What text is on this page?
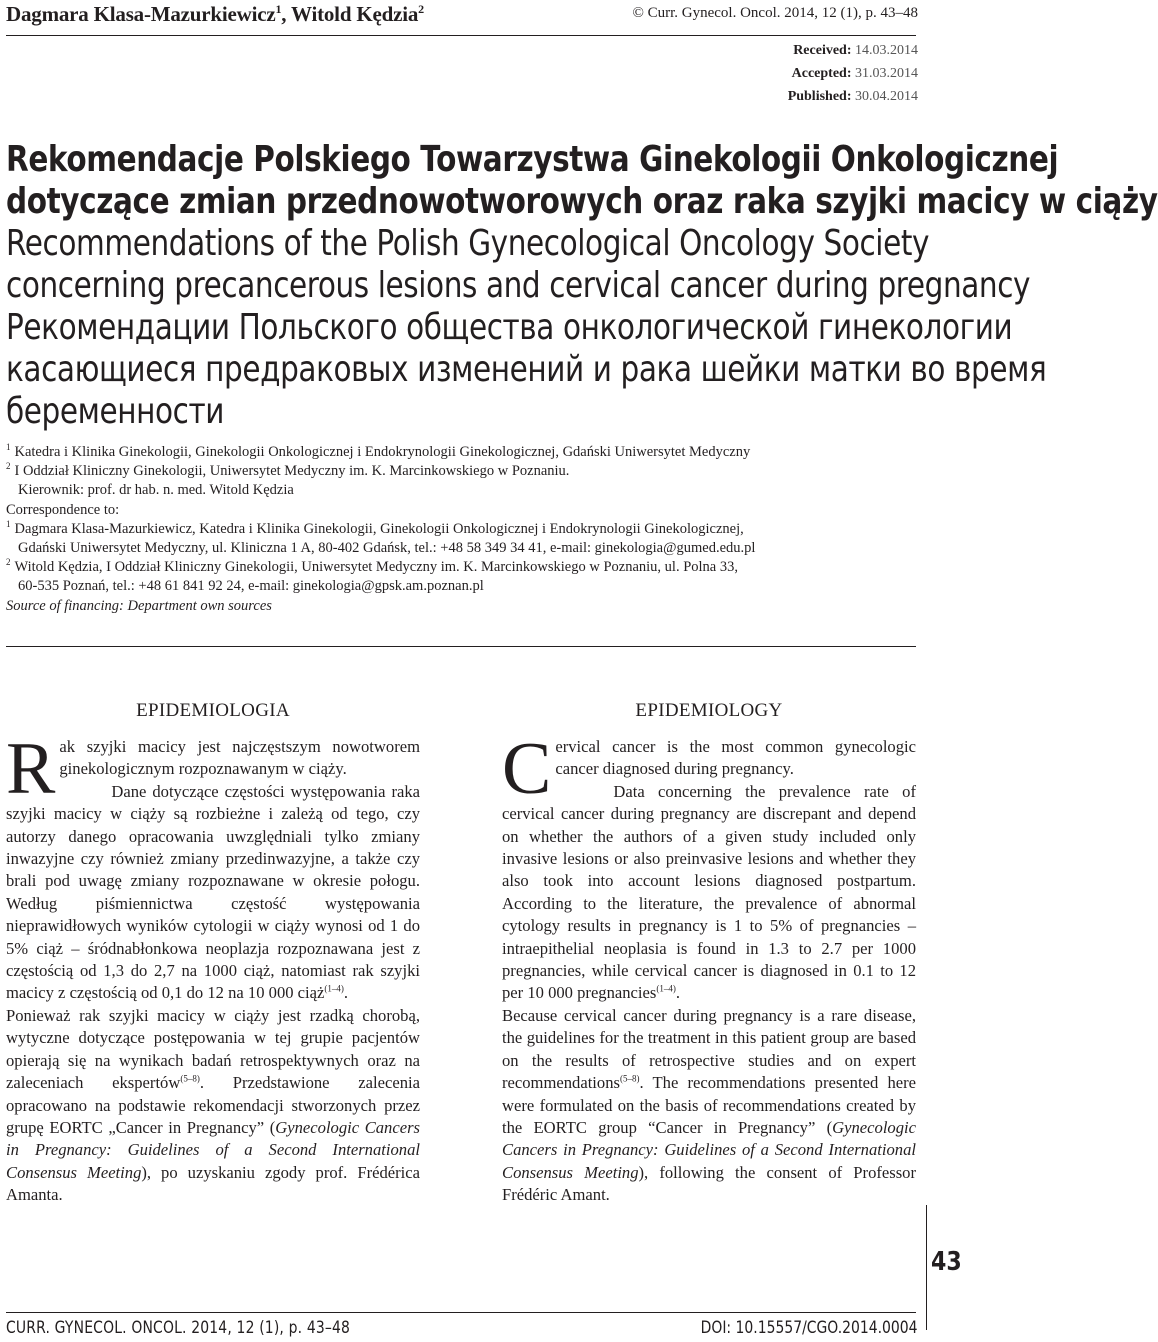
Dagmara Klasa-Mazurkiewicz$^1$, Witold Kędzia$^2$	© Curr. Gynecol. Oncol. 2014, 12 (1), p. 43–48
Received: 14.03.2014
Accepted: 31.03.2014
Published: 30.04.2014
Rekomendacje Polskiego Towarzystwa Ginekologii Onkologicznej
dotyczące zmian przednowotworowych oraz raka szyjki macicy w ciąży
Recommendations of the Polish Gynecological Oncology Society
concerning precancerous lesions and cervical cancer during pregnancy
Рекомендации Польского общества онкологической гинекологии
касающиеся предраковых изменений и рака шейки матки во время
беременности
$^1$ Katedra i Klinika Ginekologii, Ginekologii Onkologicznej i Endokrynologii Ginekologicznej, Gdański Uniwersytet Medyczny
$^2$ I Oddział Kliniczny Ginekologii, Uniwersytet Medyczny im. K. Marcinkowskiego w Poznaniu.
Kierownik: prof. dr hab. n. med. Witold Kędzia
Correspondence to:
$^1$ Dagmara Klasa-Mazurkiewicz, Katedra i Klinika Ginekologii, Ginekologii Onkologicznej i Endokrynologii Ginekologicznej,
Gdański Uniwersytet Medyczny, ul. Kliniczna 1 A, 80-402 Gdańsk, tel.: +48 58 349 34 41, e-mail: ginekologia@gumed.edu.pl
$^2$ Witold Kędzia, I Oddział Kliniczny Ginekologii, Uniwersytet Medyczny im. K. Marcinkowskiego w Poznaniu, ul. Polna 33,
60-535 Poznań, tel.: +48 61 841 92 24, e-mail: ginekologia@gpsk.am.poznan.pl
Source of financing: Department own sources
EPIDEMIOLOGIA

Rak szyjki macicy jest najczęstszym nowotworem ginekologicznym rozpoznawanym w ciąży.

Dane dotyczące częstości występowania raka szyjki macicy w ciąży są rozbieżne i zależą od tego, czy autorzy danego opracowania uwzględniali tylko zmiany inwazyjne czy również zmiany przedinwazyjne, a także czy brali pod uwagę zmiany rozpoznawane w okresie połogu. Według piśmiennictwa częstość występowania nieprawidłowych wyników cytologii w ciąży wynosi od 1 do 5% ciąż – śródnabłonkowa neoplazja rozpoznawana jest z częstością od 1,3 do 2,7 na 1000 ciąż, natomiast rak szyjki macicy z częstością od 0,1 do 12 na 10 000 ciąż$^{(1-4)}$.

Ponieważ rak szyjki macicy w ciąży jest rzadką chorobą, wytyczne dotyczące postępowania w tej grupie pacjentów opierają się na wynikach badań retrospektywnych oraz na zaleceniach ekspertów$^{(5-8)}$. Przedstawione zalecenia opracowano na podstawie rekomendacji stworzonych przez grupę EORTC „Cancer in Pregnancy” (Gynecologic Cancers in Pregnancy: Guidelines of a Second International Consensus Meeting), po uzyskaniu zgody prof. Frédérica Amanta.

EPIDEMIOLOGY

Cervical cancer is the most common gynecologic cancer diagnosed during pregnancy.

Data concerning the prevalence rate of cervical cancer during pregnancy are discrepant and depend on whether the authors of a given study included only invasive lesions or also preinvasive lesions and whether they also took into account lesions diagnosed postpartum. According to the literature, the prevalence of abnormal cytology results in pregnancy is 1 to 5% of pregnancies – intraepithelial neoplasia is found in 1.3 to 2.7 per 1000 pregnancies, while cervical cancer is diagnosed in 0.1 to 12 per 10 000 pregnancies$^{(1-4)}$.

Because cervical cancer during pregnancy is a rare disease, the guidelines for the treatment in this patient group are based on the results of retrospective studies and on expert recommendations$^{(5-8)}$. The recommendations presented here were formulated on the basis of recommendations created by the EORTC group “Cancer in Pregnancy” (Gynecologic Cancers in Pregnancy: Guidelines of a Second International Consensus Meeting), following the consent of Professor Frédéric Amant.

43
CURR. GYNECOL. ONCOL. 2014, 12 (1), p. 43–48	DOI: 10.15557/CGO.2014.0004
